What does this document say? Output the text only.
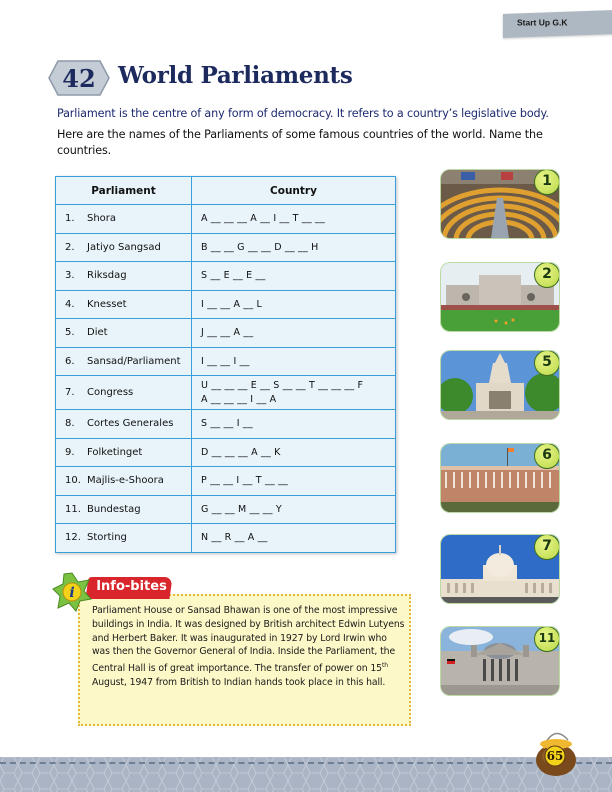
Start Up G.K
42 World Parliaments

Parliament is the centre of any form of democracy. It refers to a country’s legislative body.

Here are the names of the Parliaments of some famous countries of the world. Name the countries.

Parliament	Country
1. Shora	A __ __ __ A __ I __ T __ __
2. Jatiyo Sangsad	B __ __ G __ __ D __ __ H
3. Riksdag	S __ E __ E __
4. Knesset	I __ __ A __ L
5. Diet	J __ __ A __
6. Sansad/Parliament	I __ __ I __
7. Congress	U __ __ __ E __ S __ __ T __ __ __ F
A __ __ __ I __ A

8. Cortes Generales	S __ __ I __
9. Folketinget	D __ __ __ A __ K
10. Majlis-e-Shoora	P __ __ I __ T __ __
11. Bundestag	G __ __ M __ __ Y
12. Storting	N __ R __ A __
1
2
5
6
7
11
Info-bites
i

Parliament House or Sansad Bhawan is one of the most impressive buildings in India. It was designed by British architect Edwin Lutyens and Herbert Baker. It was inaugurated in 1927 by Lord Irwin who was then the Governor General of India. Inside the Parliament, the Central Hall is of great importance. The transfer of power on 15th August, 1947 from British to Indian hands took place in this hall.

65
